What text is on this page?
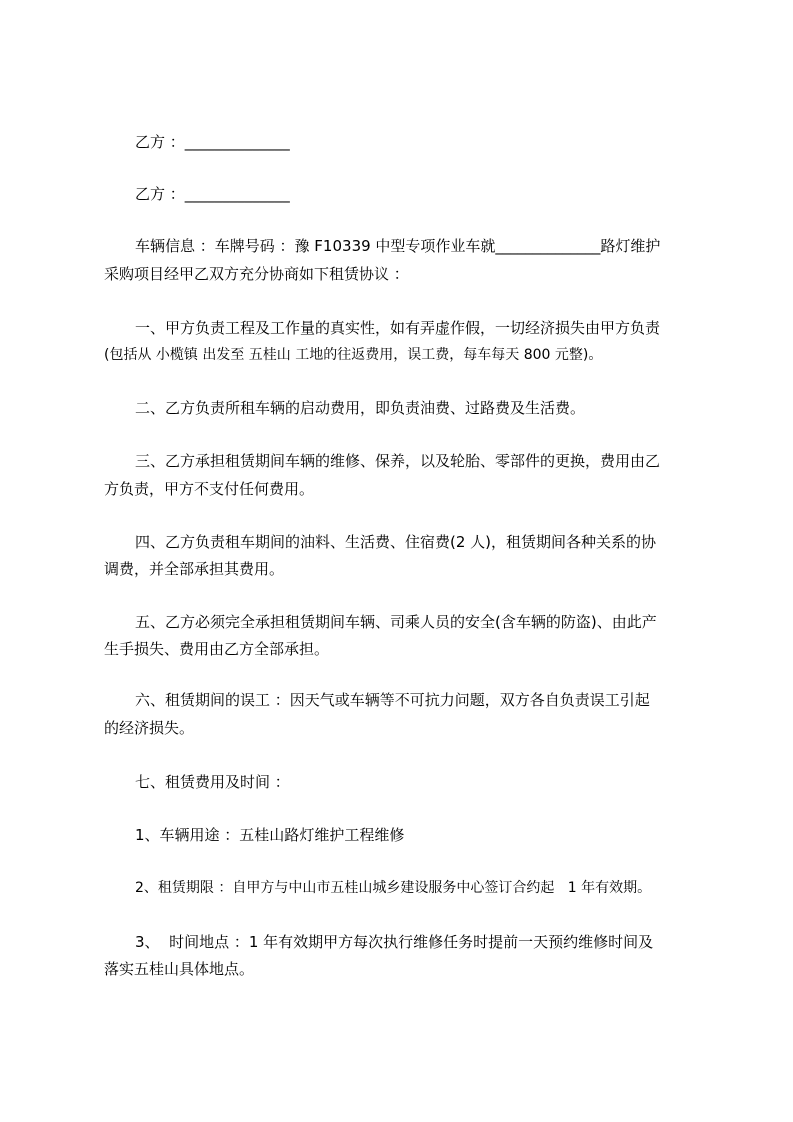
乙方 ：______________

乙方 ：______________

车辆信息 ：车牌号码 ：豫 F10339 中型专项作业车就______________路灯维护

采购项目经甲乙双方充分协商如下租赁协议 ：

一、甲方负责工程及工作量的真实性，如有弄虚作假，一切经济损失由甲方负责

(包括从 小榄镇 出发至 五桂山 工地的往返费用，误工费，每车每天 800 元整)。

二、乙方负责所租车辆的启动费用，即负责油费、过路费及生活费。

三、乙方承担租赁期间车辆的维修、保养，以及轮胎、零部件的更换，费用由乙

方负责，甲方不支付任何费用。

四、乙方负责租车期间的油料、生活费、住宿费(2 人)，租赁期间各种关系的协

调费，并全部承担其费用。

五、乙方必须完全承担租赁期间车辆、司乘人员的安全(含车辆的防盗)、由此产

生手损失、费用由乙方全部承担。

六、租赁期间的误工 ：因天气或车辆等不可抗力问题，双方各自负责误工引起

的经济损失。

七、租赁费用及时间 ：

1、车辆用途 ：五桂山路灯维护工程维修

2、租赁期限 ：自甲方与中山市五桂山城乡建设服务中心签订合约起   1 年有效期。

3、  时间地点 ：1 年有效期甲方每次执行维修任务时提前一天预约维修时间及

落实五桂山具体地点。
